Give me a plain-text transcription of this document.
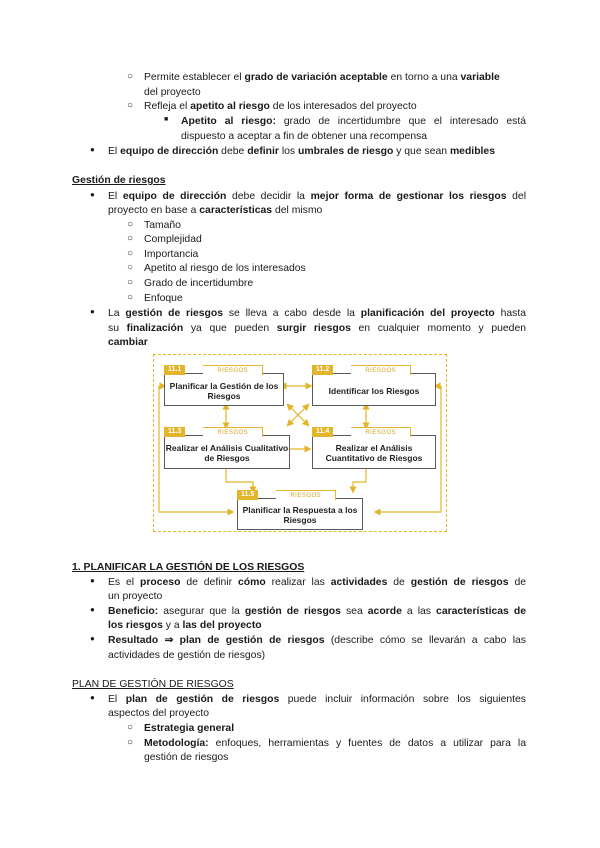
○ Permite establecer el grado de variación aceptable en torno a una variable
del proyecto
○ Refleja el apetito al riesgo de los interesados del proyecto
■ Apetito al riesgo: grado de incertidumbre que el interesado está
dispuesto a aceptar a fin de obtener una recompensa
● El equipo de dirección debe definir los umbrales de riesgo y que sean medibles
Gestión de riesgos
● El equipo de dirección debe decidir la mejor forma de gestionar los riesgos del
proyecto en base a características del mismo
○ Tamaño
○ Complejidad
○ Importancia
○ Apetito al riesgo de los interesados
○ Grado de incertidumbre
○ Enfoque
● La gestión de riesgos se lleva a cabo desde la planificación del proyecto hasta
su finalización ya que pueden surgir riesgos en cualquier momento y pueden
cambiar
11.1	RIESGOS
Planificar la Gestión de los Riesgos
11.2	RIESGOS
Identificar los Riesgos
11.3	RIESGOS
Realizar el Análisis Cualitativo de Riesgos
11.4	RIESGOS
Realizar el Análisis Cuantitativo de Riesgos
11.5	RIESGOS
Planificar la Respuesta a los Riesgos
1. PLANIFICAR LA GESTIÓN DE LOS RIESGOS
● Es el proceso de definir cómo realizar las actividades de gestión de riesgos de
un proyecto
● Beneficio: asegurar que la gestión de riesgos sea acorde a las características de
los riesgos y a las del proyecto
● Resultado ⇒ plan de gestión de riesgos (describe cómo se llevarán a cabo las
actividades de gestión de riesgos)
PLAN DE GESTIÓN DE RIESGOS
● El plan de gestión de riesgos puede incluir información sobre los siguientes
aspectos del proyecto
○ Estrategia general
○ Metodología: enfoques, herramientas y fuentes de datos a utilizar para la
gestión de riesgos
